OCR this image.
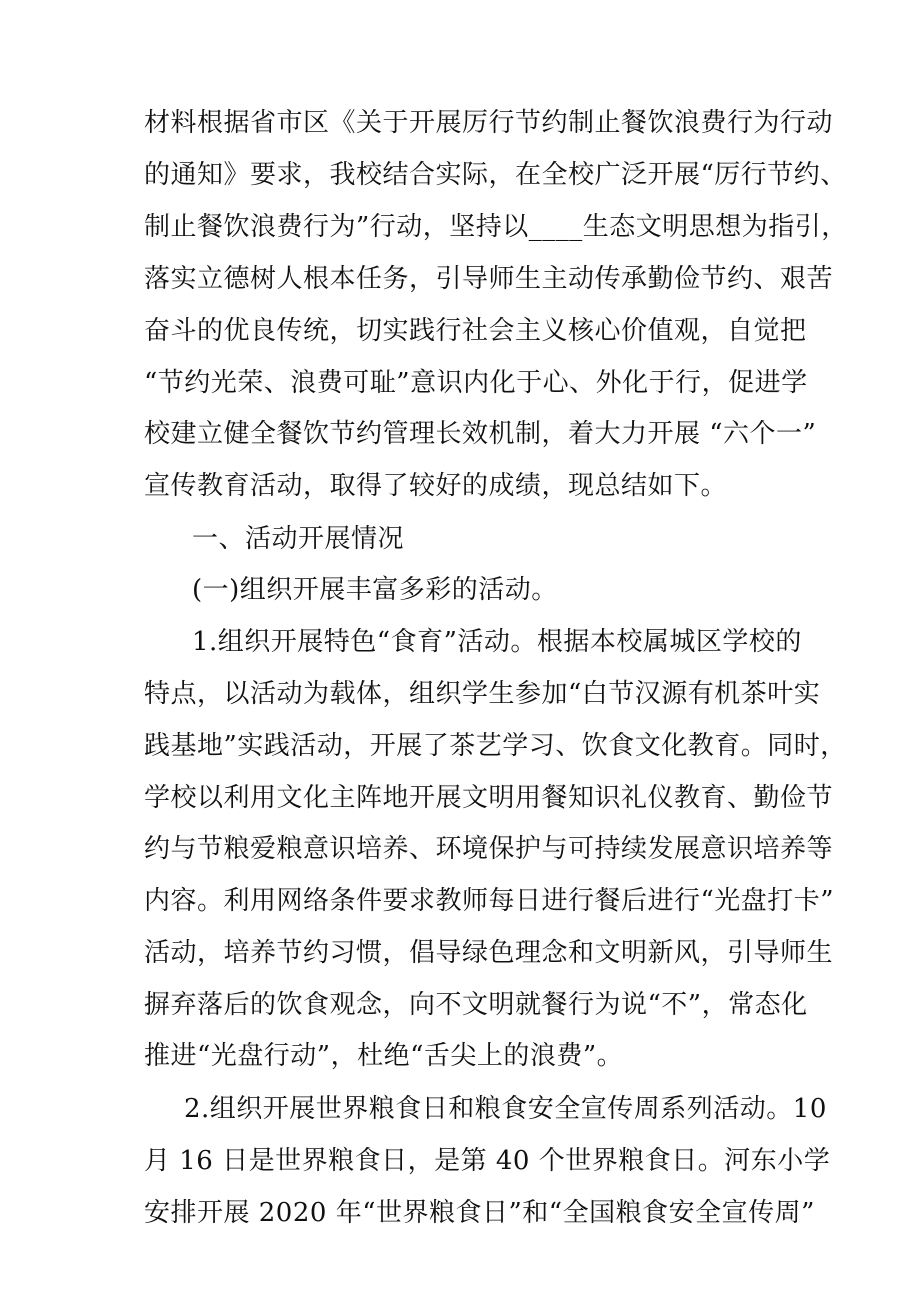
材料根据省市区《关于开展厉行节约制止餐饮浪费行为行动
的通知》要求，我校结合实际，在全校广泛开展“厉行节约、
制止餐饮浪费行为”行动，坚持以____生态文明思想为指引，
落实立德树人根本任务，引导师生主动传承勤俭节约、艰苦
奋斗的优良传统，切实践行社会主义核心价值观，自觉把
“节约光荣、浪费可耻”意识内化于心、外化于行，促进学
校建立健全餐饮节约管理长效机制，着大力开展 “六个一”
宣传教育活动，取得了较好的成绩，现总结如下。
一、活动开展情况
(一)组织开展丰富多彩的活动。
1.组织开展特色“食育”活动。根据本校属城区学校的
特点，以活动为载体，组织学生参加“白节汉源有机茶叶实
践基地”实践活动，开展了茶艺学习、饮食文化教育。同时，
学校以利用文化主阵地开展文明用餐知识礼仪教育、勤俭节
约与节粮爱粮意识培养、环境保护与可持续发展意识培养等
内容。利用网络条件要求教师每日进行餐后进行“光盘打卡”
活动，培养节约习惯，倡导绿色理念和文明新风，引导师生
摒弃落后的饮食观念，向不文明就餐行为说“不”，常态化
推进“光盘行动”，杜绝“舌尖上的浪费”。
2.组织开展世界粮食日和粮食安全宣传周系列活动。10
月 16 日是世界粮食日，是第 40 个世界粮食日。河东小学
安排开展 2020 年“世界粮食日”和“全国粮食安全宣传周”
